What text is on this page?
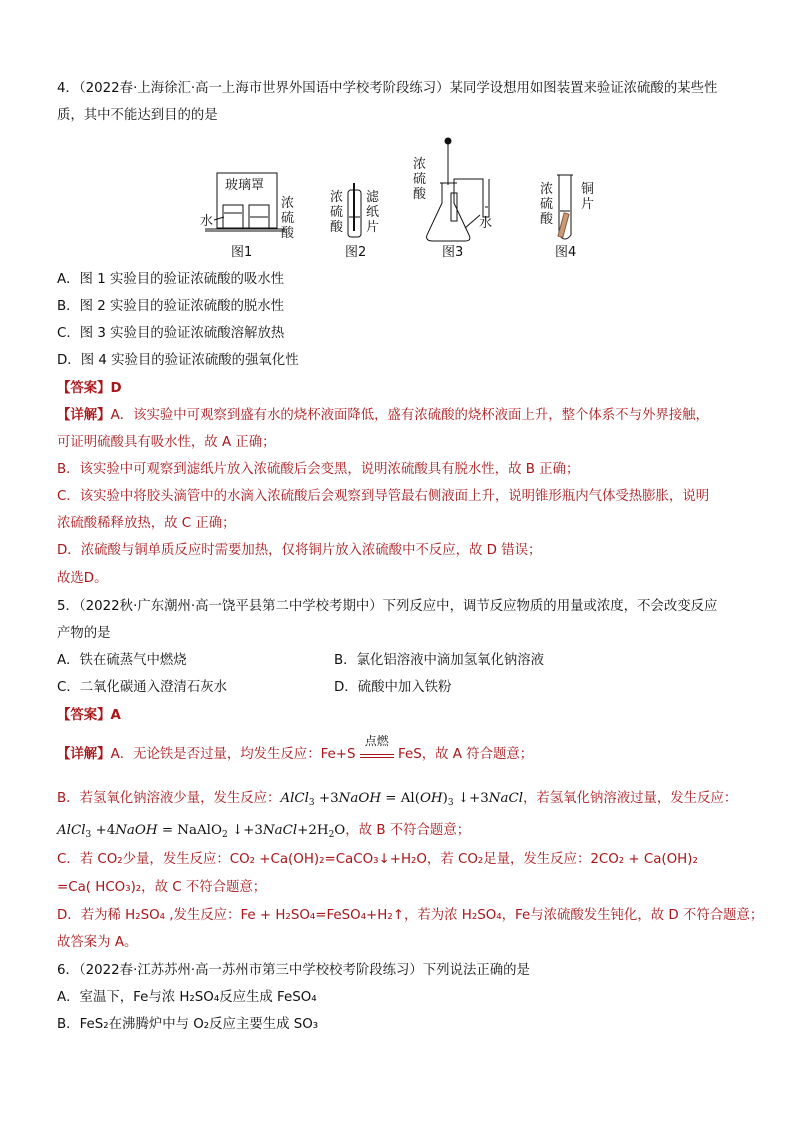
4．（2022春·上海徐汇·高一上海市世界外国语中学校考阶段练习）某同学设想用如图装置来验证浓硫酸的某些性
质，其中不能达到目的的是
玻璃罩
水
浓
硫
酸
图1
浓
硫
酸
滤
纸
片
图2
浓
硫
酸
水
图3
浓
硫
酸
铜
片
图4
A．图 1 实验目的验证浓硫酸的吸水性
B．图 2 实验目的验证浓硫酸的脱水性
C．图 3 实验目的验证浓硫酸溶解放热
D．图 4 实验目的验证浓硫酸的强氧化性
【答案】D
【详解】A．该实验中可观察到盛有水的烧杯液面降低，盛有浓硫酸的烧杯液面上升，整个体系不与外界接触，
可证明硫酸具有吸水性，故 A 正确；
B．该实验中可观察到滤纸片放入浓硫酸后会变黑，说明浓硫酸具有脱水性，故 B 正确；
C．该实验中将胶头滴管中的水滴入浓硫酸后会观察到导管最右侧液面上升，说明锥形瓶内气体受热膨胀，说明
浓硫酸稀释放热，故 C 正确；
D．浓硫酸与铜单质反应时需要加热，仅将铜片放入浓硫酸中不反应，故 D 错误；
故选D。
5．（2022秋·广东潮州·高一饶平县第二中学校考期中）下列反应中，调节反应物质的用量或浓度，不会改变反应
产物的是
A．铁在硫蒸气中燃烧	B．氯化铝溶液中滴加氢氧化钠溶液
C．二氧化碳通入澄清石灰水	D．硫酸中加入铁粉
【答案】A
【详解】A．无论铁是否过量，均发生反应：Fe+S
点燃
FeS，故 A 符合题意；
B．若氢氧化钠溶液少量，发生反应：AlCl$_3$ +3NaOH = $Al(OH)_3$ ↓+3NaCl，若氢氧化钠溶液过量，发生反应：
AlCl$_3$ +4NaOH = NaAlO$_2$ $↓+3NaCl+2H_2O$，故 B 不符合题意；
C．若 CO₂少量，发生反应：CO₂ +Ca(OH)₂=CaCO₃↓+H₂O，若 CO₂足量，发生反应：2CO₂ + Ca(OH)₂
=Ca( HCO₃)₂，故 C 不符合题意；
D．若为稀 H₂SO₄ ,发生反应：Fe + H₂SO₄=FeSO₄+H₂↑，若为浓 H₂SO₄，Fe与浓硫酸发生钝化，故 D 不符合题意；
故答案为 A。
6．（2022春·江苏苏州·高一苏州市第三中学校校考阶段练习）下列说法正确的是
A．室温下，Fe与浓 H₂SO₄反应生成 FeSO₄
B．FeS₂在沸腾炉中与 O₂反应主要生成 SO₃
